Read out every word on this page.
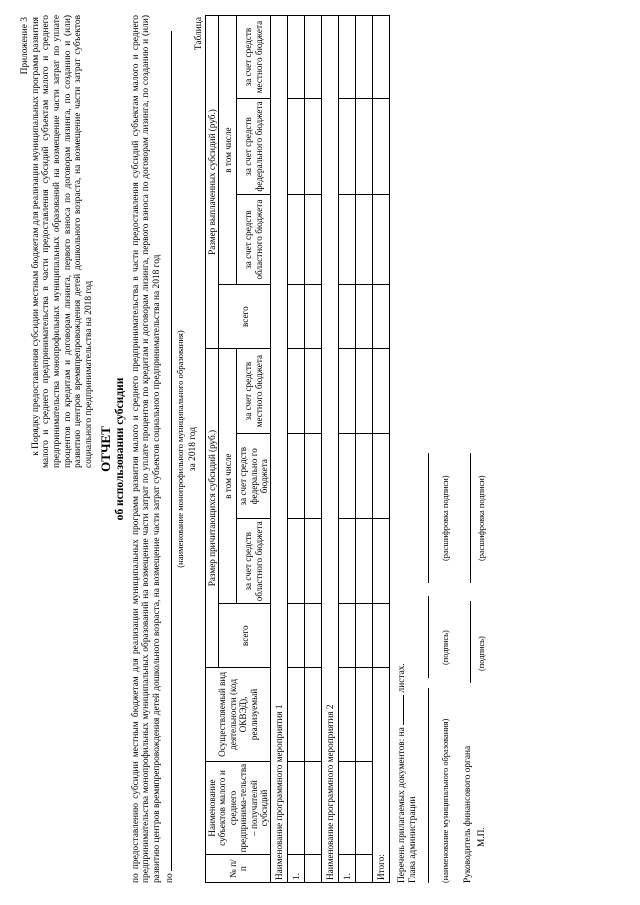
Приложение 3 к Порядку предоставления субсидии местным бюджетам для реализации муниципальных программ развития малого и среднего предпринимательства в части предоставления субсидий субъектам малого и среднего предпринимательства монопрофильных муниципальных образований на возмещение части затрат по уплате процентов по кредитам и договорам лизинга, первого взноса по договорам лизинга, по созданию и (или) развитию центров времяпрепровождения детей дошкольного возраста, на возмещение части затрат субъектов социального предпринимательства на 2018 год ОТЧЕТ об использовании субсидии по предоставлению субсидии местным бюджетам для реализации муниципальных программ развития малого и среднего предпринимательства в части предоставления субсидий субъектам малого и среднего предпринимательства монопрофильных муниципальных образований на возмещение части затрат по уплате процентов по кредитам и договорам лизинга, первого взноса по договорам лизинга, по созданию и (или) развитию центров времяпрепровождения детей дошкольного возраста, на возмещение части затрат субъектов социального предпринимательства на 2018 год по
(наименование монопрофильного муниципального образования) за 2018 год
Таблица
№ п/п	Наименование субъектов малого и среднего предпринима-тельства – получателей субсидий	Осуществляемый вид деятельности (код ОКВЭД), реализуемый	Размер причитающихся субсидий (руб.)				Размер выплаченных субсидий (руб.)			
			всего	в том числе			всего	в том числе		
				за счет средств областного бюджета	за счет средств федерально го бюджета	за счет средств местного бюджета		за счет средств областного бюджета	за счет средств федерального бюджета	за счет средств местного бюджета
Наименование программного мероприятия 1										
1.										

Наименование программного мероприятия 2										
1.										

Итого:											Перечень прилагаемых документов: на  листах.
Глава администрации	(наименование муниципального образования)
(подпись)
(расшифровка подписи)
Руководитель финансового органа М.П.
(подпись)
(расшифровка подписи)
